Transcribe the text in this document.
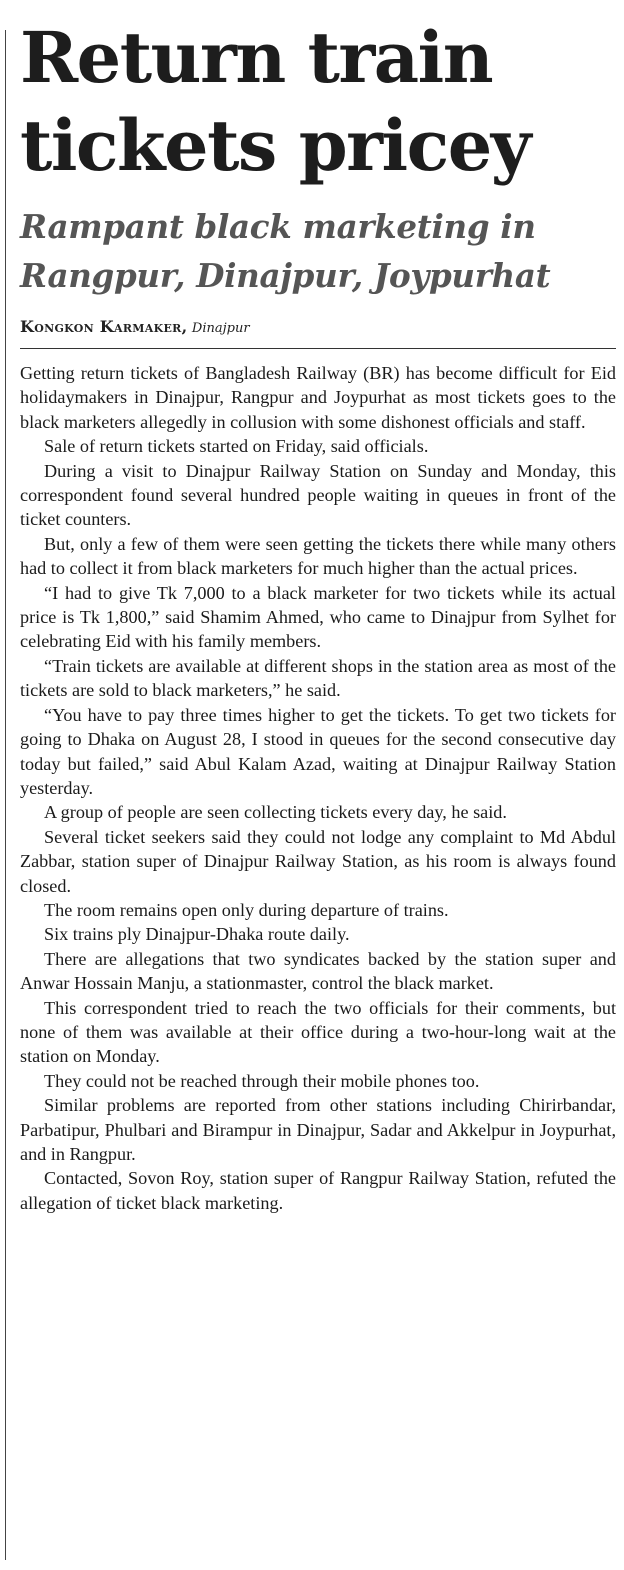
Return train tickets pricey
Rampant black marketing in Rangpur, Dinajpur, Joypurhat
Kongkon Karmaker, Dinajpur

Getting return tickets of Bangladesh Railway (BR) has become difficult for Eid holidaymakers in Dinajpur, Rangpur and Joypurhat as most tickets goes to the black marketers allegedly in collusion with some dishonest officials and staff.

Sale of return tickets started on Friday, said officials.

During a visit to Dinajpur Railway Station on Sunday and Monday, this correspondent found several hundred people waiting in queues in front of the ticket counters.

But, only a few of them were seen getting the tickets there while many others had to collect it from black marketers for much higher than the actual prices.

“I had to give Tk 7,000 to a black marketer for two tickets while its actual price is Tk 1,800,” said Shamim Ahmed, who came to Dinajpur from Sylhet for celebrating Eid with his family members.

“Train tickets are available at different shops in the station area as most of the tickets are sold to black marketers,” he said.

“You have to pay three times higher to get the tickets. To get two tickets for going to Dhaka on August 28, I stood in queues for the second consecutive day today but failed,” said Abul Kalam Azad, waiting at Dinajpur Railway Station yesterday.

A group of people are seen collecting tickets every day, he said.

Several ticket seekers said they could not lodge any complaint to Md Abdul Zabbar, station super of Dinajpur Railway Station, as his room is always found closed.

The room remains open only during departure of trains.

Six trains ply Dinajpur-Dhaka route daily.

There are allegations that two syndicates backed by the station super and Anwar Hossain Manju, a stationmaster, control the black market.

This correspondent tried to reach the two officials for their comments, but none of them was available at their office during a two-hour-long wait at the station on Monday.

They could not be reached through their mobile phones too.

Similar problems are reported from other stations including Chirirbandar, Parbatipur, Phulbari and Birampur in Dinajpur, Sadar and Akkelpur in Joypurhat, and in Rangpur.

Contacted, Sovon Roy, station super of Rangpur Railway Station, refuted the allegation of ticket black marketing.
